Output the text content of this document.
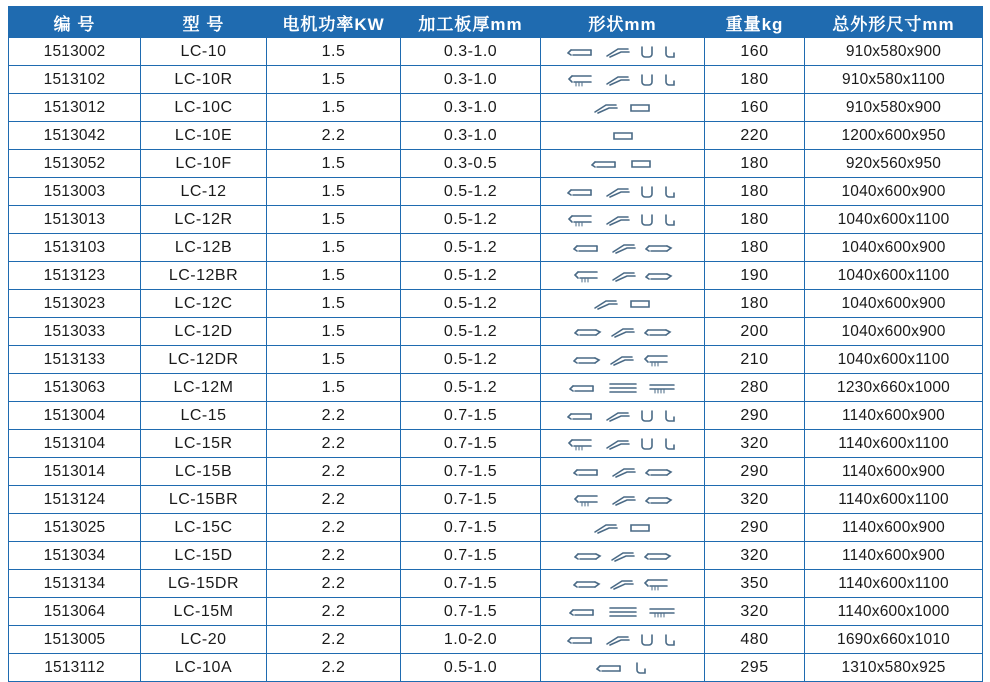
编 号	型 号	电机功率KW	加工板厚mm	形状mm	重量kg	总外形尺寸mm
1513002	LC-10	1.5	0.3-1.0		160	910x580x900
1513102	LC-10R	1.5	0.3-1.0		180	910x580x1100
1513012	LC-10C	1.5	0.3-1.0		160	910x580x900
1513042	LC-10E	2.2	0.3-1.0		220	1200x600x950
1513052	LC-10F	1.5	0.3-0.5		180	920x560x950
1513003	LC-12	1.5	0.5-1.2		180	1040x600x900
1513013	LC-12R	1.5	0.5-1.2		180	1040x600x1100
1513103	LC-12B	1.5	0.5-1.2		180	1040x600x900
1513123	LC-12BR	1.5	0.5-1.2		190	1040x600x1100
1513023	LC-12C	1.5	0.5-1.2		180	1040x600x900
1513033	LC-12D	1.5	0.5-1.2		200	1040x600x900
1513133	LC-12DR	1.5	0.5-1.2		210	1040x600x1100
1513063	LC-12M	1.5	0.5-1.2		280	1230x660x1000
1513004	LC-15	2.2	0.7-1.5		290	1140x600x900
1513104	LC-15R	2.2	0.7-1.5		320	1140x600x1100
1513014	LC-15B	2.2	0.7-1.5		290	1140x600x900
1513124	LC-15BR	2.2	0.7-1.5		320	1140x600x1100
1513025	LC-15C	2.2	0.7-1.5		290	1140x600x900
1513034	LC-15D	2.2	0.7-1.5		320	1140x600x900
1513134	LG-15DR	2.2	0.7-1.5		350	1140x600x1100
1513064	LC-15M	2.2	0.7-1.5		320	1140x600x1000
1513005	LC-20	2.2	1.0-2.0		480	1690x660x1010
1513112	LC-10A	2.2	0.5-1.0		295	1310x580x925
